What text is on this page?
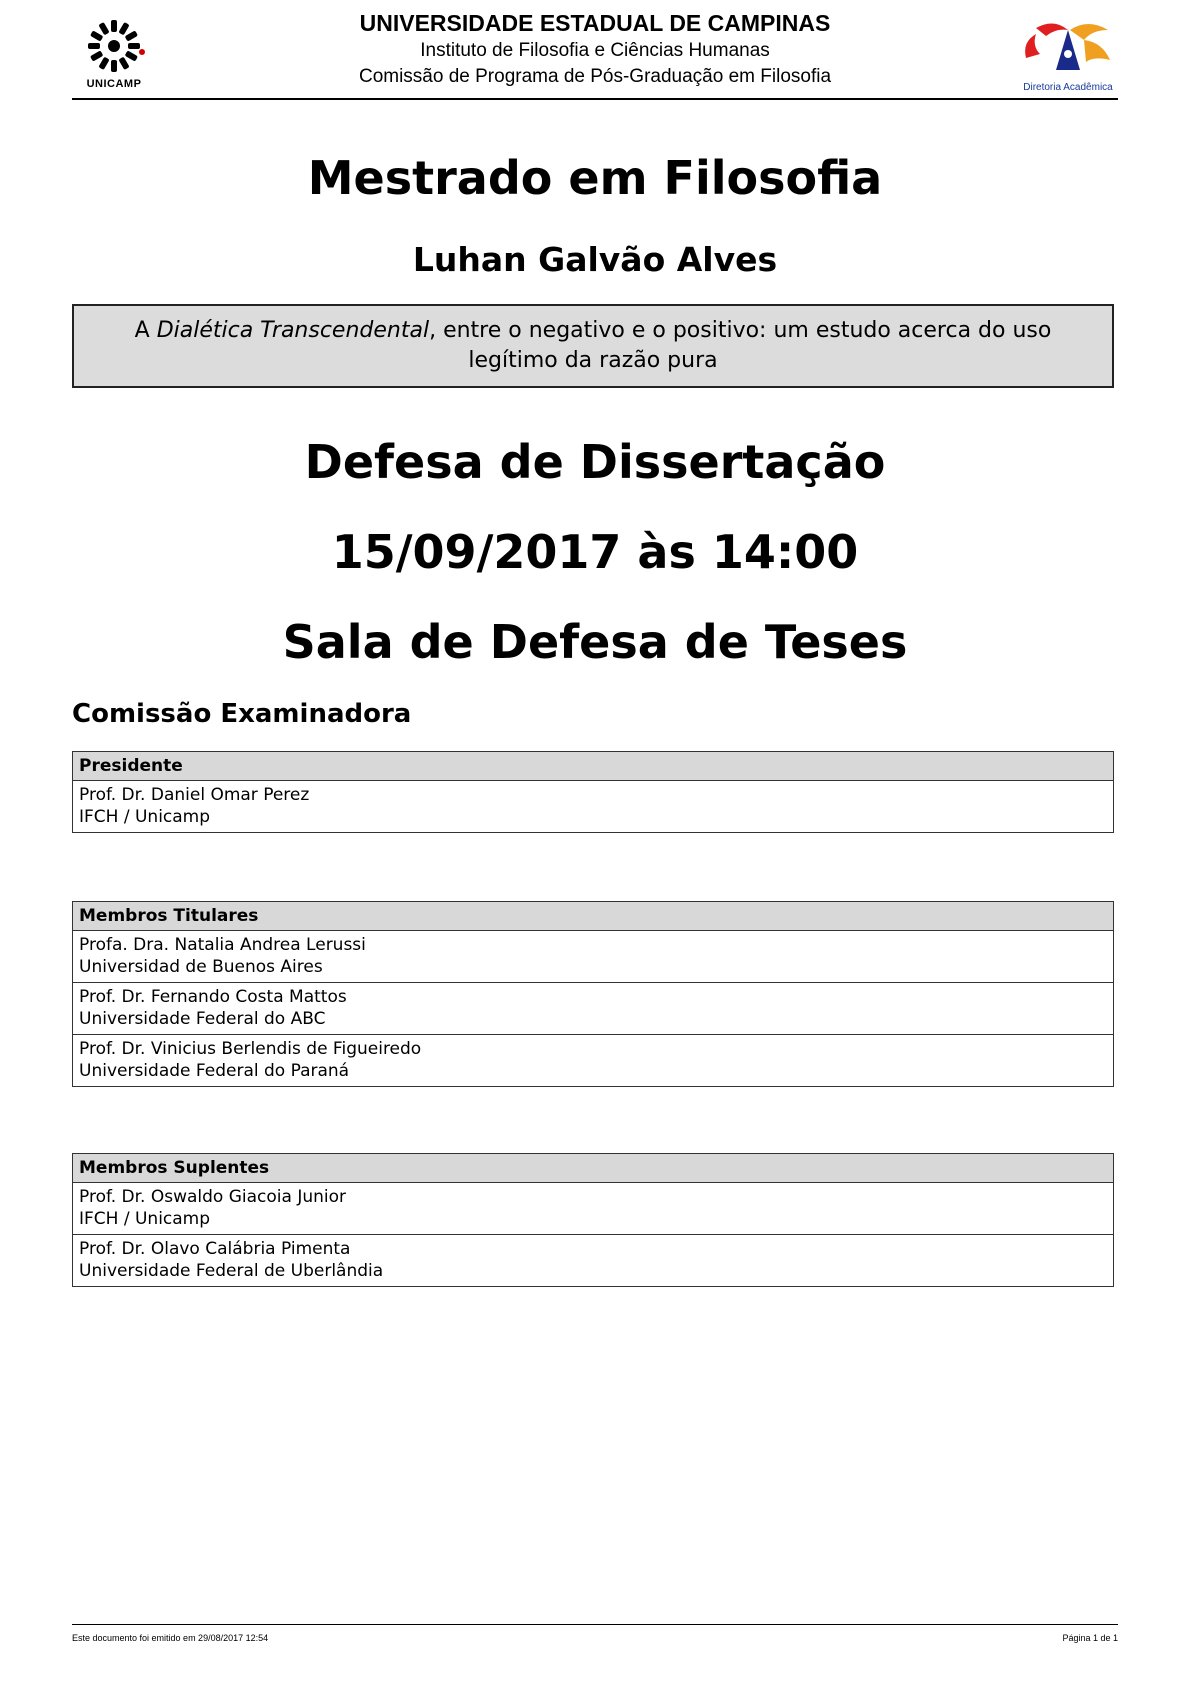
UNICAMP
UNIVERSIDADE ESTADUAL DE CAMPINAS
Instituto de Filosofia e Ciências Humanas
Comissão de Programa de Pós-Graduação em Filosofia
Diretoria Acadêmica
Mestrado em Filosofia
Luhan Galvão Alves

A Dialética Transcendental, entre o negativo e o positivo: um estudo acerca do uso legítimo da razão pura

Defesa de Dissertação
15/09/2017 às 14:00
Sala de Defesa de Teses
Comissão Examinadora
Presidente
Prof. Dr. Daniel Omar Perez
IFCH / Unicamp
Membros Titulares
Profa. Dra. Natalia Andrea Lerussi
Universidad de Buenos Aires
Prof. Dr. Fernando Costa Mattos
Universidade Federal do ABC
Prof. Dr. Vinicius Berlendis de Figueiredo
Universidade Federal do Paraná
Membros Suplentes
Prof. Dr. Oswaldo Giacoia Junior
IFCH / Unicamp
Prof. Dr. Olavo Calábria Pimenta
Universidade Federal de Uberlândia
Este documento foi emitido em 29/08/2017 12:54	Página 1 de 1
